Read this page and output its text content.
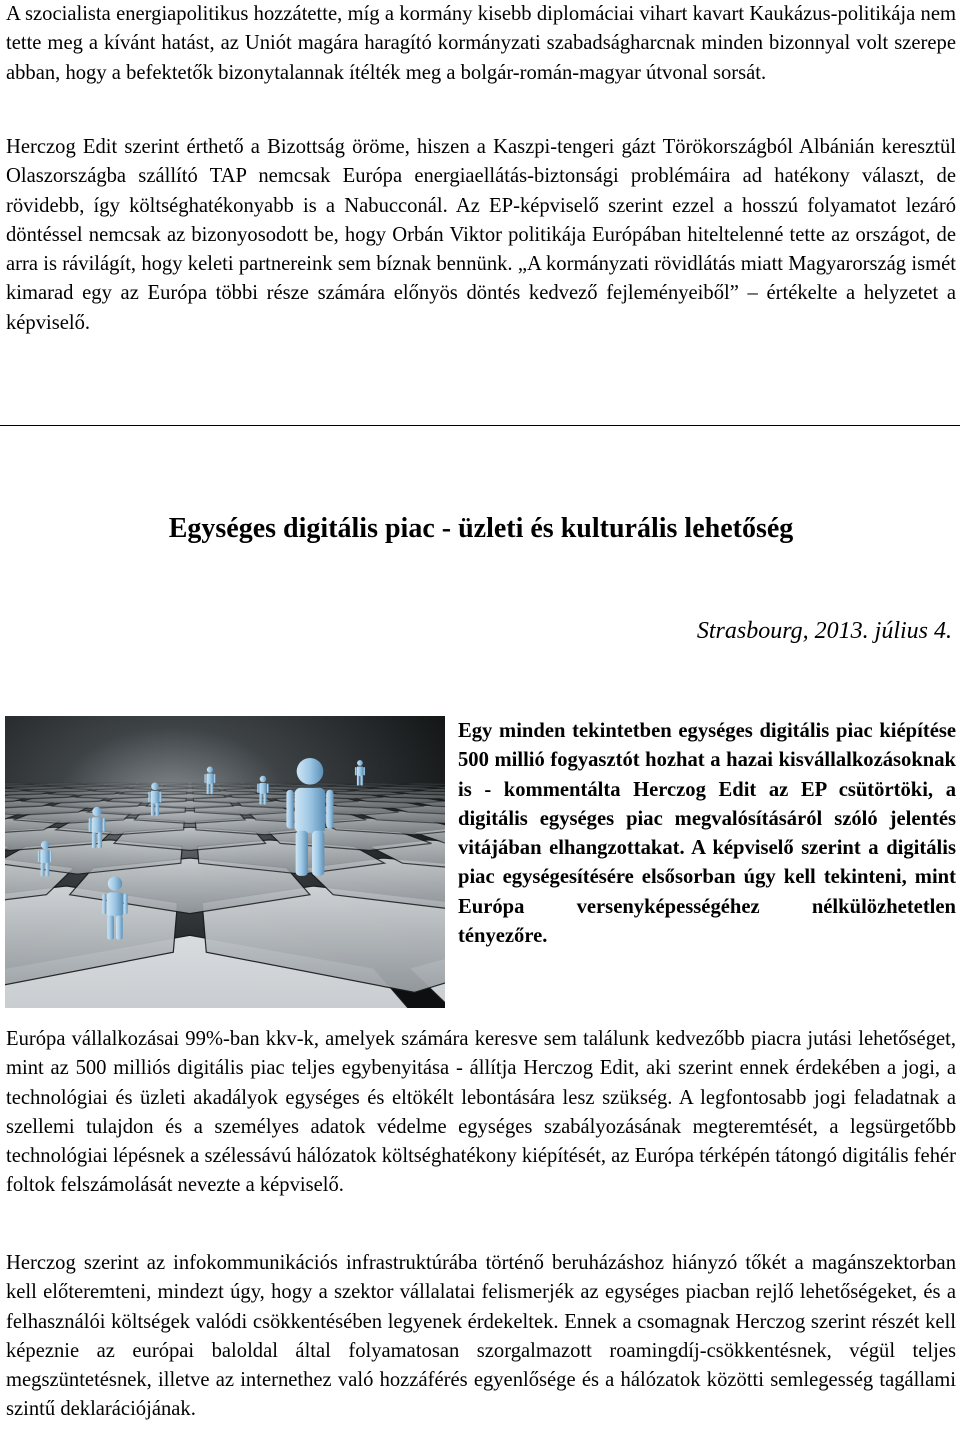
A szocialista energiapolitikus hozzátette, míg a kormány kisebb diplomáciai vihart kavart Kaukázus-politikája nem tette meg a kívánt hatást, az Uniót magára haragító kormányzati szabadságharcnak minden bizonnyal volt szerepe abban, hogy a befektetők bizonytalannak ítélték meg a bolgár-román-magyar útvonal sorsát.

Herczog Edit szerint érthető a Bizottság öröme, hiszen a Kaszpi-tengeri gázt Törökországból Albánián keresztül Olaszországba szállító TAP nemcsak Európa energiaellátás-biztonsági problémáira ad hatékony választ, de rövidebb, így költséghatékonyabb is a Nabucconál. Az EP-képviselő szerint ezzel a hosszú folyamatot lezáró döntéssel nemcsak az bizonyosodott be, hogy Orbán Viktor politikája Európában hiteltelenné tette az országot, de arra is rávilágít, hogy keleti partnereink sem bíznak bennünk. „A kormányzati rövidlátás miatt Magyarország ismét kimarad egy az Európa többi része számára előnyös döntés kedvező fejleményeiből” – értékelte a helyzetet a képviselő.

Egységes digitális piac - üzleti és kulturális lehetőség

Strasbourg, 2013. július 4.

Egy minden tekintetben egységes digitális piac kiépítése 500 millió fogyasztót hozhat a hazai kisvállalkozásoknak is - kommentálta Herczog Edit az EP csütörtöki, a digitális egységes piac megvalósításáról szóló jelentés vitájában elhangzottakat. A képviselő szerint a digitális piac egységesítésére elsősorban úgy kell tekinteni, mint Európa versenyképességéhez nélkülözhetetlen tényezőre.

Európa vállalkozásai 99%-ban kkv-k, amelyek számára keresve sem találunk kedvezőbb piacra jutási lehetőséget, mint az 500 milliós digitális piac teljes egybenyitása - állítja Herczog Edit, aki szerint ennek érdekében a jogi, a technológiai és üzleti akadályok egységes és eltökélt lebontására lesz szükség. A legfontosabb jogi feladatnak a szellemi tulajdon és a személyes adatok védelme egységes szabályozásának megteremtését, a legsürgetőbb technológiai lépésnek a szélessávú hálózatok költséghatékony kiépítését, az Európa térképén tátongó digitális fehér foltok felszámolását nevezte a képviselő.

Herczog szerint az infokommunikációs infrastruktúrába történő beruházáshoz hiányzó tőkét a magánszektorban kell előteremteni, mindezt úgy, hogy a szektor vállalatai felismerjék az egységes piacban rejlő lehetőségeket, és a felhasználói költségek valódi csökkentésében legyenek érdekeltek. Ennek a csomagnak Herczog szerint részét kell képeznie az európai baloldal által folyamatosan szorgalmazott roamingdíj-csökkentésnek, végül teljes megszüntetésnek, illetve az internethez való hozzáférés egyenlősége és a hálózatok közötti semlegesség tagállami szintű deklarációjának.
